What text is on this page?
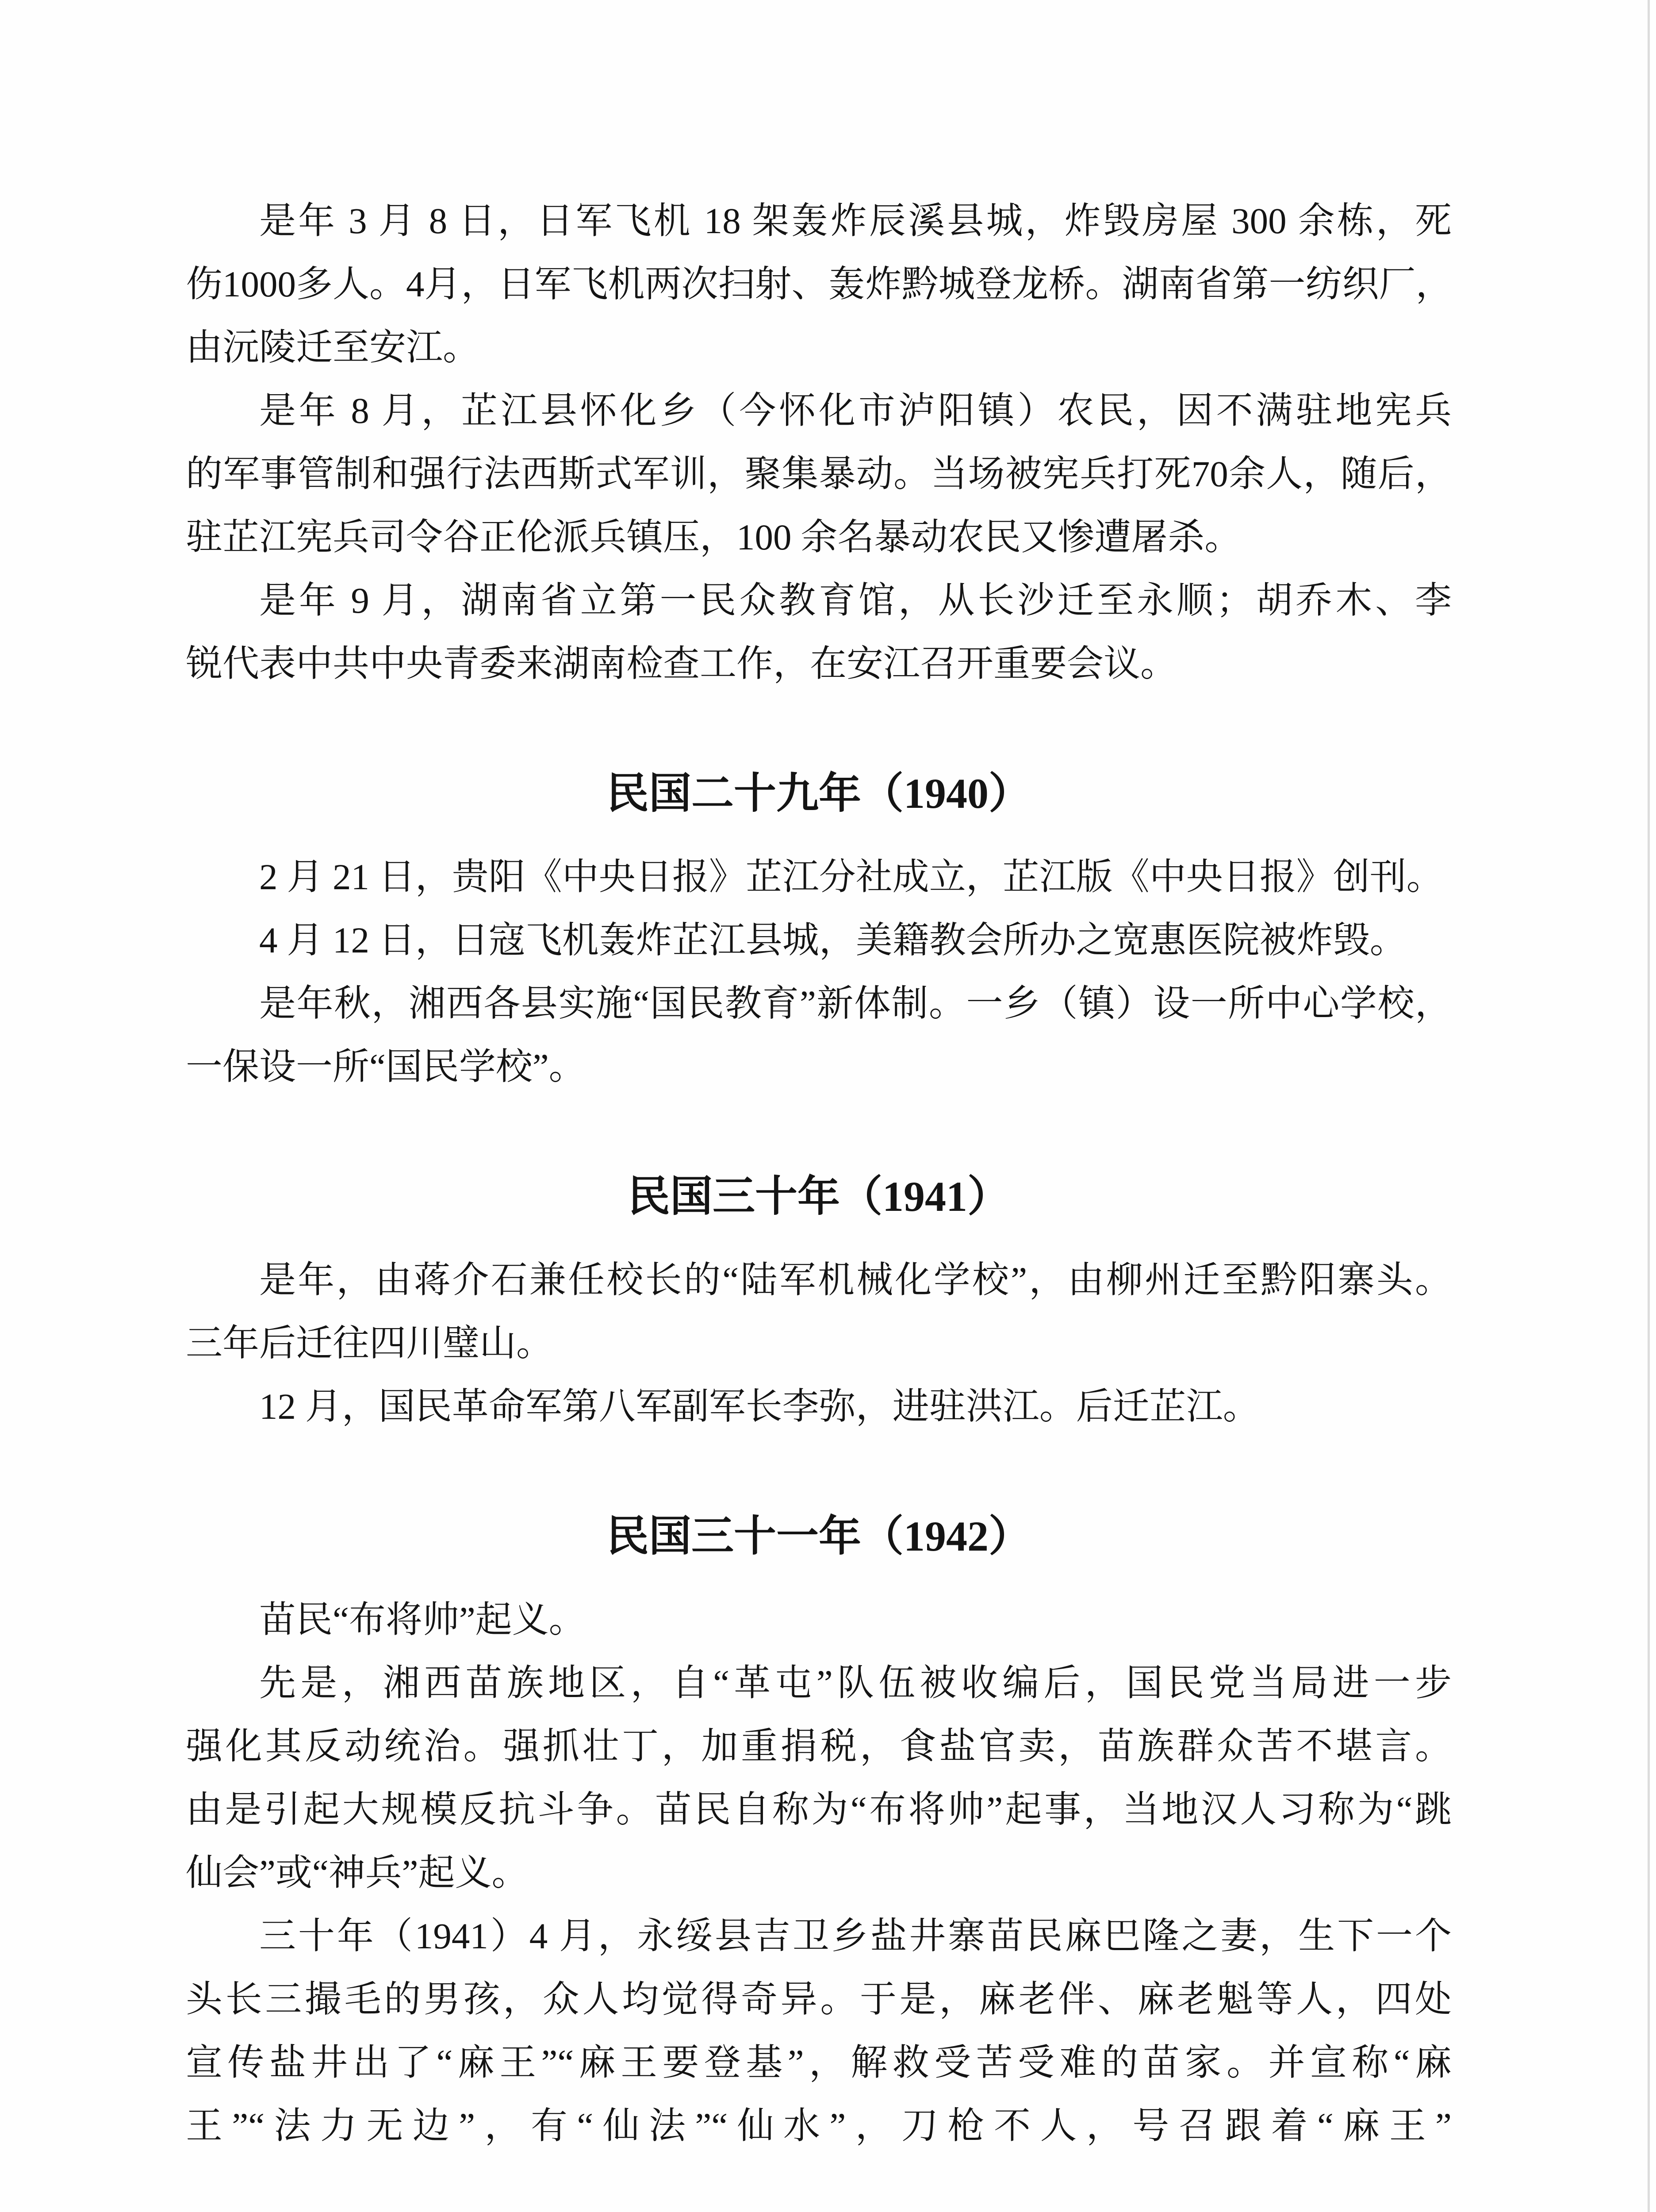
是年 3 月 8 日，日军飞机 18 架轰炸辰溪县城，炸毁房屋 300 余栋，死
伤1000多人。4月，日军飞机两次扫射、轰炸黔城登龙桥。湖南省第一纺织厂，
由沅陵迁至安江。
是年 8 月，芷江县怀化乡（今怀化市泸阳镇）农民，因不满驻地宪兵
的军事管制和强行法西斯式军训，聚集暴动。当场被宪兵打死70余人，随后，
驻芷江宪兵司令谷正伦派兵镇压，100 余名暴动农民又惨遭屠杀。
是年 9 月，湖南省立第一民众教育馆，从长沙迁至永顺；胡乔木、李
锐代表中共中央青委来湖南检查工作，在安江召开重要会议。
民国二十九年（1940）
2 月 21 日，贵阳《中央日报》芷江分社成立，芷江版《中央日报》创刊。
4 月 12 日，日寇飞机轰炸芷江县城，美籍教会所办之宽惠医院被炸毁。
是年秋，湘西各县实施“国民教育”新体制。一乡（镇）设一所中心学校，
一保设一所“国民学校”。
民国三十年（1941）
是年，由蒋介石兼任校长的“陆军机械化学校”，由柳州迁至黔阳寨头。
三年后迁往四川璧山。
12 月，国民革命军第八军副军长李弥，进驻洪江。后迁芷江。
民国三十一年（1942）
苗民“布将帅”起义。
先是，湘西苗族地区，自“革屯”队伍被收编后，国民党当局进一步
强化其反动统治。强抓壮丁，加重捐税，食盐官卖，苗族群众苦不堪言。
由是引起大规模反抗斗争。苗民自称为“布将帅”起事，当地汉人习称为“跳
仙会”或“神兵”起义。
三十年（1941）4 月，永绥县吉卫乡盐井寨苗民麻巴隆之妻，生下一个
头长三撮毛的男孩，众人均觉得奇异。于是，麻老伴、麻老魁等人，四处
宣传盐井出了“麻王”“麻王要登基”，解救受苦受难的苗家。并宣称“麻
王”“法力无边”，有“仙法”“仙水”，刀枪不人，号召跟着“麻王”
